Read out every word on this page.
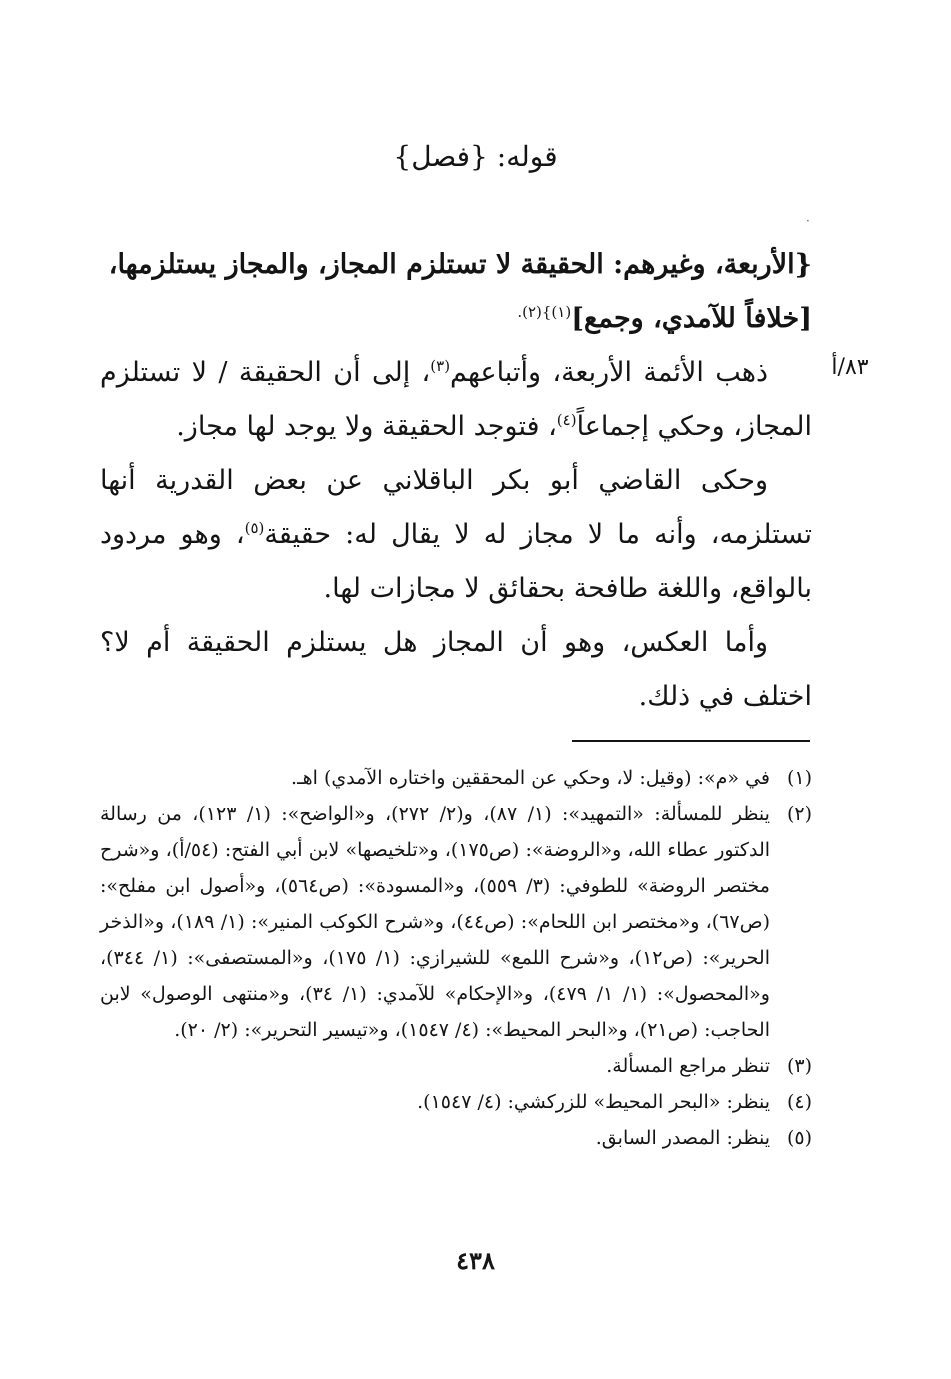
قوله: {فصل}
·
٨٣/أ

{الأربعة، وغيرهم: الحقيقة لا تستلزم المجاز، والمجاز يستلزمها،

[خلافاً للآمدي، وجمع]$^{(١)\}(٢).}$

ذهب الأئمة الأربعة، وأتباعهم$^{(٣)}$، إلى أن الحقيقة / لا تستلزم المجاز، وحكي إجماعاً$^{(٤)}$، فتوجد الحقيقة ولا يوجد لها مجاز.

وحكى القاضي أبو بكر الباقلاني عن بعض القدرية أنها تستلزمه، وأنه ما لا مجاز له لا يقال له: حقيقة$^{(٥)}$، وهو مردود بالواقع، واللغة طافحة بحقائق لا مجازات لها.

وأما العكس، وهو أن المجاز هل يستلزم الحقيقة أم لا؟ اختلف في ذلك.

(١)
في «م»: (وقيل: لا، وحكي عن المحققين واختاره الآمدي) اهـ.
(٢)
ينظر للمسألة: «التمهيد»: (١/ ٨٧)، و(٢/ ٢٧٢)، و«الواضح»: (١/ ١٢٣)، من رسالة الدكتور عطاء الله، و«الروضة»: (ص١٧٥)، و«تلخيصها» لابن أبي الفتح: (٥٤/أ)، و«شرح مختصر الروضة» للطوفي: (٣/ ٥٥٩)، و«المسودة»: (ص٥٦٤)، و«أصول ابن مفلح»: (ص٦٧)، و«مختصر ابن اللحام»: (ص٤٤)، و«شرح الكوكب المنير»: (١/ ١٨٩)، و«الذخر الحرير»: (ص١٢)، و«شرح اللمع» للشيرازي: (١/ ١٧٥)، و«المستصفى»: (١/ ٣٤٤)، و«المحصول»: (١/ ١/ ٤٧٩)، و«الإحكام» للآمدي: (١/ ٣٤)، و«منتهى الوصول» لابن الحاجب: (ص٢١)، و«البحر المحيط»: (٤/ ١٥٤٧)، و«تيسير التحرير»: (٢/ ٢٠).
(٣)
تنظر مراجع المسألة.
(٤)
ينظر: «البحر المحيط» للزركشي: (٤/ ١٥٤٧).
(٥)
ينظر: المصدر السابق.
٤٣٨
